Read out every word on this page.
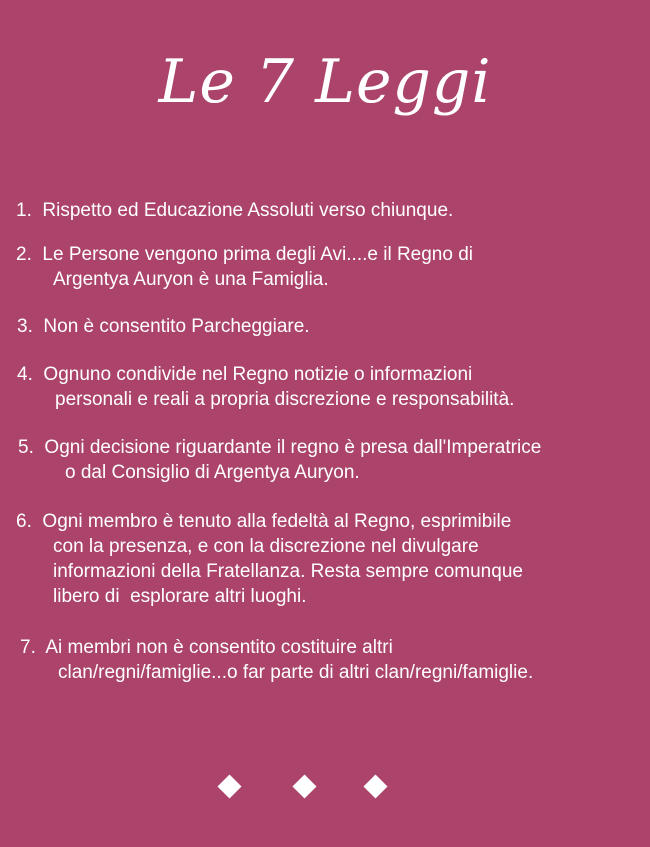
Le 7 Leggi
1. Rispetto ed Educazione Assoluti verso chiunque.
2. Le Persone vengono prima degli Avi....e il Regno di
Argentya Auryon è una Famiglia.
3. Non è consentito Parcheggiare.
4. Ognuno condivide nel Regno notizie o informazioni
personali e reali a propria discrezione e responsabilità.
5. Ogni decisione riguardante il regno è presa dall'Imperatrice
o dal Consiglio di Argentya Auryon.
6. Ogni membro è tenuto alla fedeltà al Regno, esprimibile
con la presenza, e con la discrezione nel divulgare
informazioni della Fratellanza. Resta sempre comunque
libero di  esplorare altri luoghi.
7. Ai membri non è consentito costituire altri
clan/regni/famiglie...o far parte di altri clan/regni/famiglie.
